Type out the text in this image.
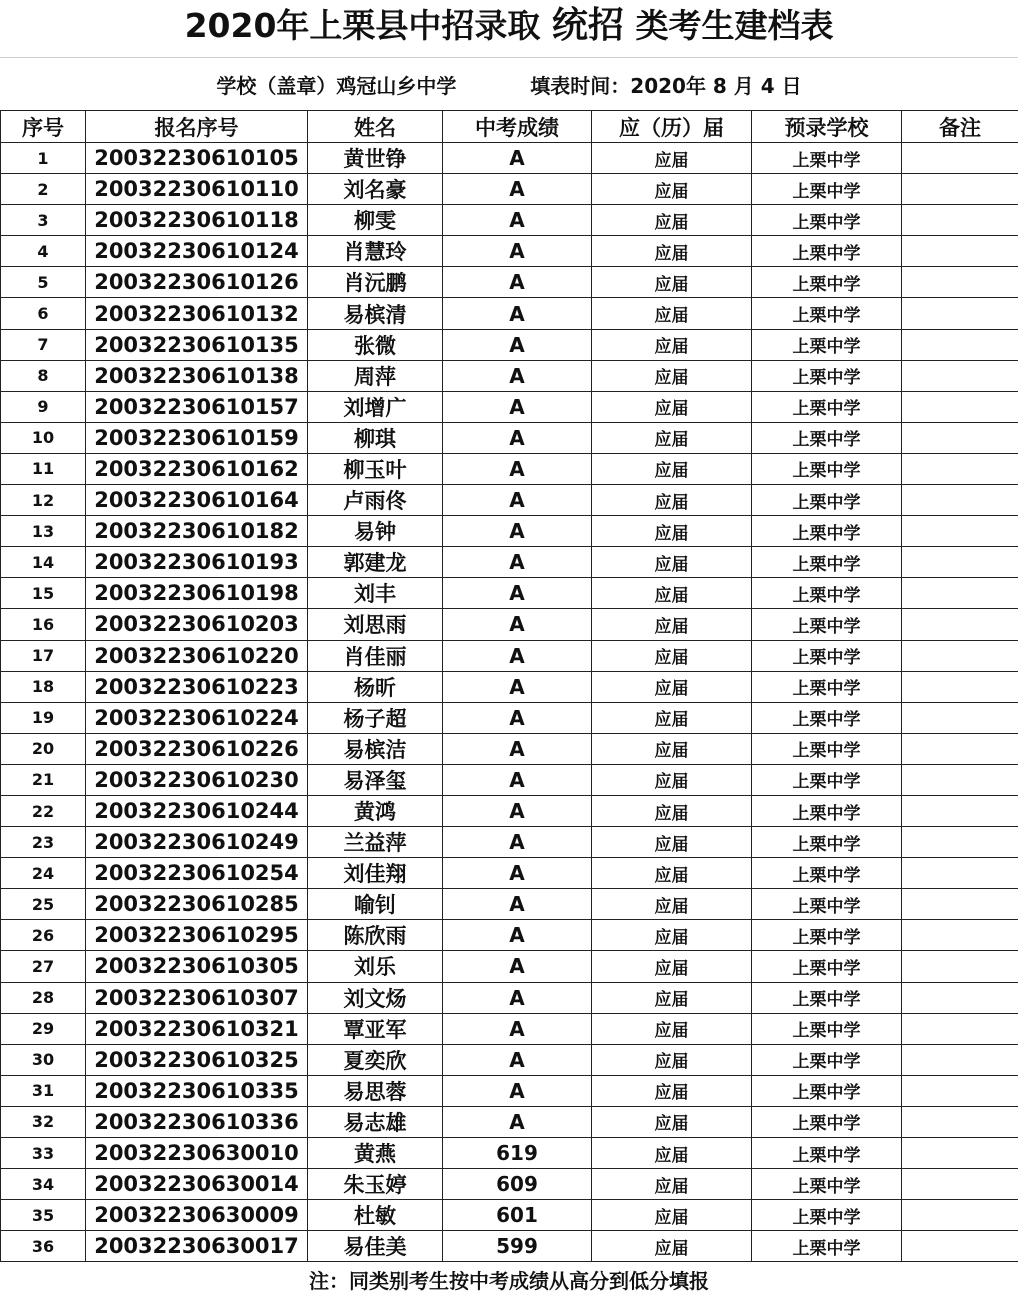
2020年上栗县中招录取 统招 类考生建档表
学校（盖章）鸡冠山乡中学	填表时间：2020年 8 月 4 日
序号	报名序号	姓名	中考成绩	应（历）届	预录学校	备注
1	20032230610105	黄世铮	A	应届	上栗中学	
2	20032230610110	刘名豪	A	应届	上栗中学	
3	20032230610118	柳雯	A	应届	上栗中学	
4	20032230610124	肖慧玲	A	应届	上栗中学	
5	20032230610126	肖沅鹏	A	应届	上栗中学	
6	20032230610132	易槟清	A	应届	上栗中学	
7	20032230610135	张微	A	应届	上栗中学	
8	20032230610138	周萍	A	应届	上栗中学	
9	20032230610157	刘增广	A	应届	上栗中学	
10	20032230610159	柳琪	A	应届	上栗中学	
11	20032230610162	柳玉叶	A	应届	上栗中学	
12	20032230610164	卢雨佟	A	应届	上栗中学	
13	20032230610182	易钟	A	应届	上栗中学	
14	20032230610193	郭建龙	A	应届	上栗中学	
15	20032230610198	刘丰	A	应届	上栗中学	
16	20032230610203	刘思雨	A	应届	上栗中学	
17	20032230610220	肖佳丽	A	应届	上栗中学	
18	20032230610223	杨昕	A	应届	上栗中学	
19	20032230610224	杨子超	A	应届	上栗中学	
20	20032230610226	易槟洁	A	应届	上栗中学	
21	20032230610230	易泽玺	A	应届	上栗中学	
22	20032230610244	黄鸿	A	应届	上栗中学	
23	20032230610249	兰益萍	A	应届	上栗中学	
24	20032230610254	刘佳翔	A	应届	上栗中学	
25	20032230610285	喻钊	A	应届	上栗中学	
26	20032230610295	陈欣雨	A	应届	上栗中学	
27	20032230610305	刘乐	A	应届	上栗中学	
28	20032230610307	刘文炀	A	应届	上栗中学	
29	20032230610321	覃亚军	A	应届	上栗中学	
30	20032230610325	夏奕欣	A	应届	上栗中学	
31	20032230610335	易思蓉	A	应届	上栗中学	
32	20032230610336	易志雄	A	应届	上栗中学	
33	20032230630010	黄燕	619	应届	上栗中学	
34	20032230630014	朱玉婷	609	应届	上栗中学	
35	20032230630009	杜敏	601	应届	上栗中学	
36	20032230630017	易佳美	599	应届	上栗中学	
注：同类别考生按中考成绩从高分到低分填报
